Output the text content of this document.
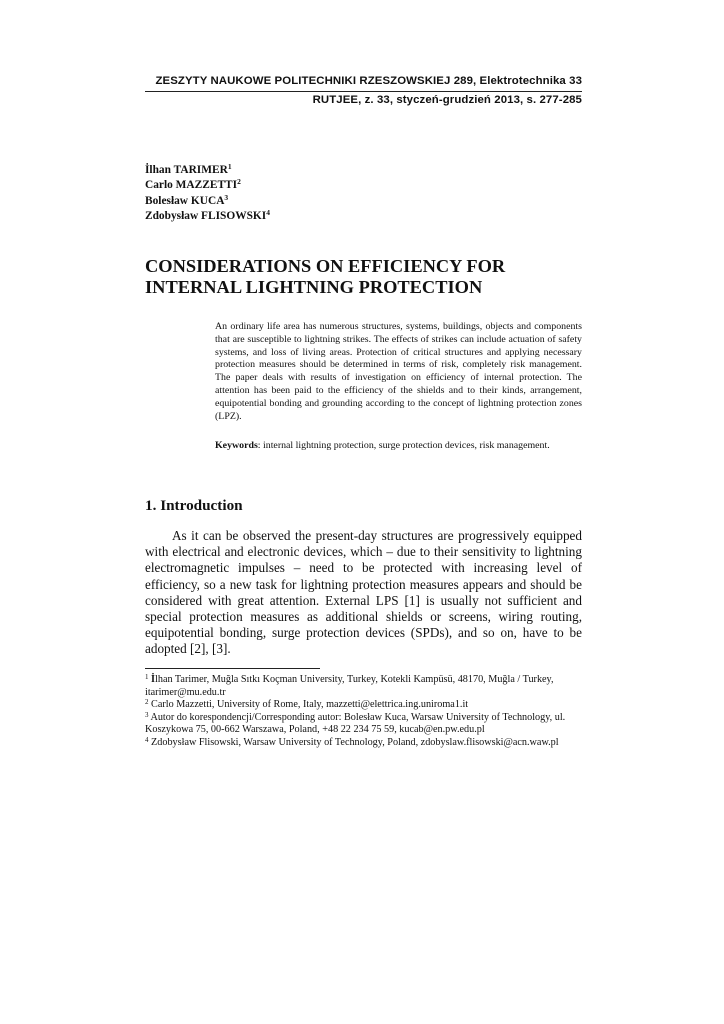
ZESZYTY NAUKOWE POLITECHNIKI RZESZOWSKIEJ 289, Elektrotechnika 33
RUTJEE, z. 33, styczeń-grudzień 2013, s. 277-285
İlhan TARIMER$^1$
Carlo MAZZETTI$^2$
Bolesław KUCA$^3$
Zdobysław FLISOWSKI$^4$
CONSIDERATIONS ON EFFICIENCY FOR
INTERNAL LIGHTNING PROTECTION

An ordinary life area has numerous structures, systems, buildings, objects and components that are susceptible to lightning strikes. The effects of strikes can include actuation of safety systems, and loss of living areas. Protection of critical structures and applying necessary protection measures should be determined in terms of risk, completely risk management. The paper deals with results of investigation on efficiency of internal protection. The attention has been paid to the efficiency of the shields and to their kinds, arrangement, equipotential bonding and grounding according to the concept of lightning protection zones (LPZ).

Keywords: internal lightning protection, surge protection devices, risk management.

1. Introduction

As it can be observed the present-day structures are progressively equipped with electrical and electronic devices, which – due to their sensitivity to lightning electromagnetic impulses – need to be protected with increasing level of efficiency, so a new task for lightning protection measures appears and should be considered with great attention. External LPS [1] is usually not sufficient and special protection measures as additional shields or screens, wiring routing, equipotential bonding, surge protection devices (SPDs), and so on, have to be adopted [2], [3].

$^1$ İlhan Tarimer, Muğla Sıtkı Koçman University, Turkey, Kotekli Kampüsü, 48170, Muğla / Turkey, itarimer@mu.edu.tr
$^2$ Carlo Mazzetti, University of Rome, Italy, mazzetti@elettrica.ing.uniroma1.it
$^3$ Autor do korespondencji/Corresponding autor: Bolesław Kuca, Warsaw University of Technology, ul. Koszykowa 75, 00-662 Warszawa, Poland, +48 22 234 75 59, kucab@en.pw.edu.pl
$^4$ Zdobysław Flisowski, Warsaw University of Technology, Poland, zdobyslaw.flisowski@acn.waw.pl
